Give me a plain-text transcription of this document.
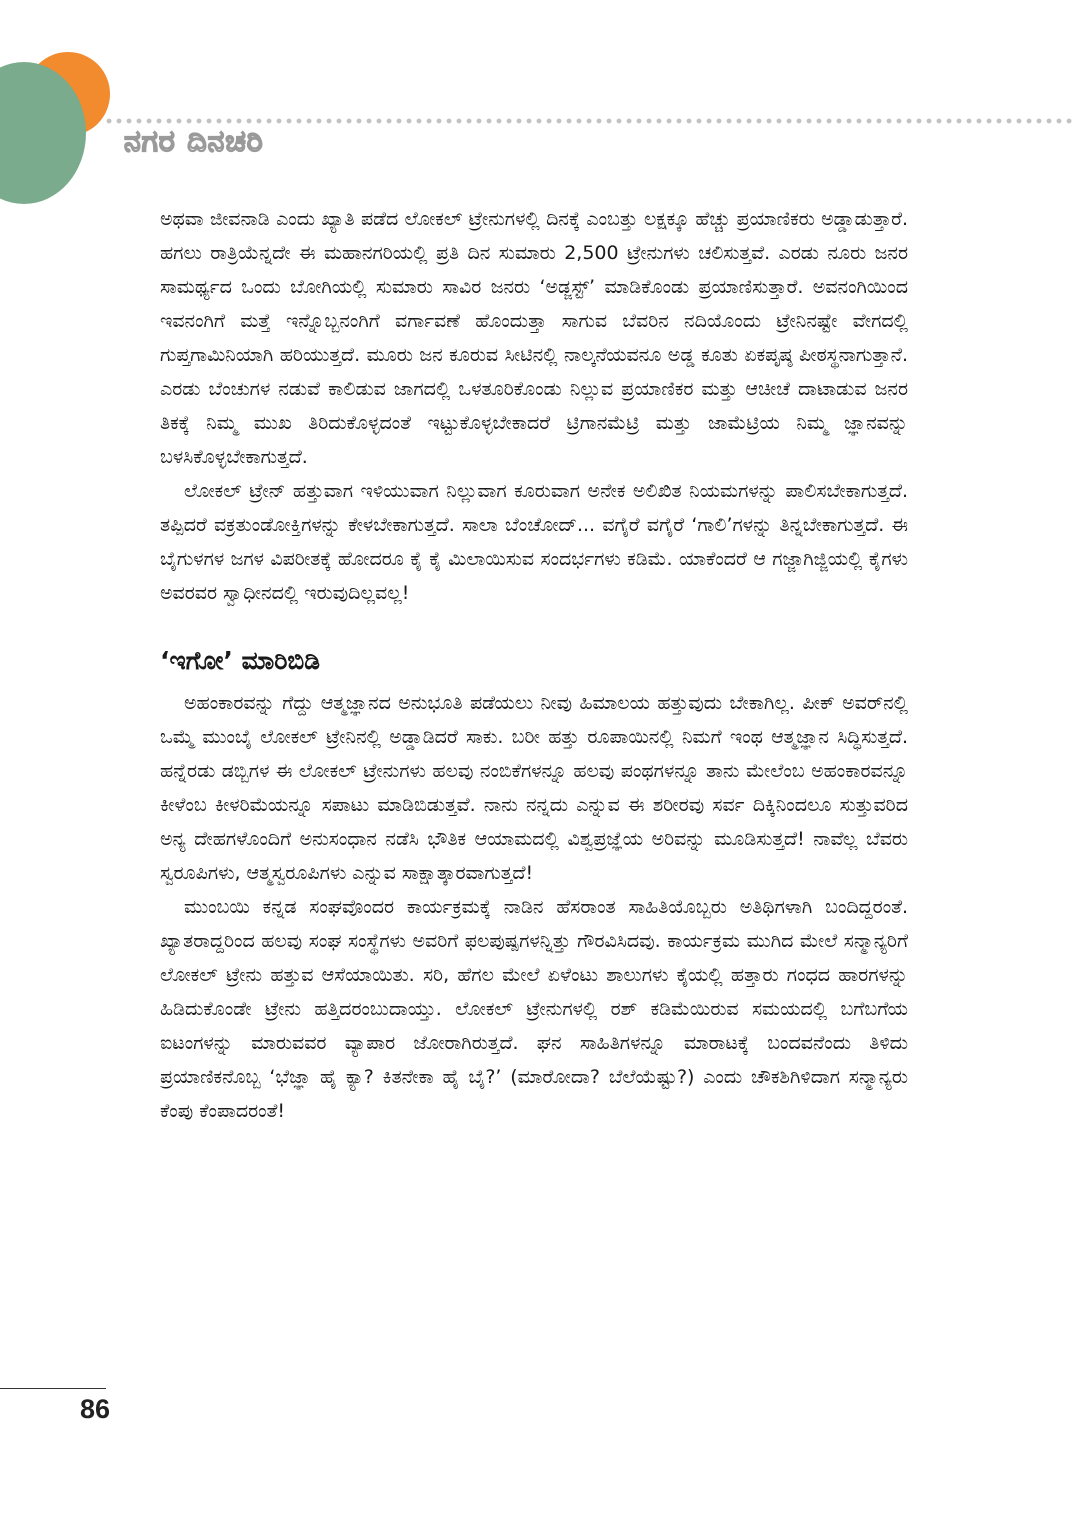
ನಗರ ದಿನಚರಿ

ಅಥವಾ ಜೀವನಾಡಿ ಎಂದು ಖ್ಯಾತಿ ಪಡೆದ ಲೋಕಲ್ ಟ್ರೇನುಗಳಲ್ಲಿ ದಿನಕ್ಕೆ ಎಂಬತ್ತು ಲಕ್ಷಕ್ಕೂ ಹೆಚ್ಚು ಪ್ರಯಾಣಿಕರು ಅಡ್ಡಾಡುತ್ತಾರೆ. ಹಗಲು ರಾತ್ರಿಯೆನ್ನದೇ ಈ ಮಹಾನಗರಿಯಲ್ಲಿ ಪ್ರತಿ ದಿನ ಸುಮಾರು 2,500 ಟ್ರೇನುಗಳು ಚಲಿಸುತ್ತವೆ. ಎರಡು ನೂರು ಜನರ ಸಾಮರ್ಥ್ಯದ ಒಂದು ಬೋಗಿಯಲ್ಲಿ ಸುಮಾರು ಸಾವಿರ ಜನರು ‘ಅಡ್ಜಸ್ಟ್’ ಮಾಡಿಕೊಂಡು ಪ್ರಯಾಣಿಸುತ್ತಾರೆ. ಅವನಂಗಿಯಿಂದ ಇವನಂಗಿಗೆ ಮತ್ತೆ ಇನ್ನೊಬ್ಬನಂಗಿಗೆ ವರ್ಗಾವಣೆ ಹೊಂದುತ್ತಾ ಸಾಗುವ ಬೆವರಿನ ನದಿಯೊಂದು ಟ್ರೇನಿನಷ್ಟೇ ವೇಗದಲ್ಲಿ ಗುಪ್ತಗಾಮಿನಿಯಾಗಿ ಹರಿಯುತ್ತದೆ. ಮೂರು ಜನ ಕೂರುವ ಸೀಟಿನಲ್ಲಿ ನಾಲ್ಕನೆಯವನೂ ಅಡ್ಡ ಕೂತು ಏಕಪೃಷ್ಠ ಪೀಠಸ್ಥನಾಗುತ್ತಾನೆ. ಎರಡು ಬೆಂಚುಗಳ ನಡುವೆ ಕಾಲಿಡುವ ಜಾಗದಲ್ಲಿ ಒಳತೂರಿಕೊಂಡು ನಿಲ್ಲುವ ಪ್ರಯಾಣಿಕರ ಮತ್ತು ಆಚೀಚೆ ದಾಟಾಡುವ ಜನರ ತಿಕಕ್ಕೆ ನಿಮ್ಮ ಮುಖ ತಿರಿದುಕೊಳ್ಳದಂತೆ ಇಟ್ಟುಕೊಳ್ಳಬೇಕಾದರೆ ಟ್ರಿಗಾನಮೆಟ್ರಿ ಮತ್ತು ಜಾಮೆಟ್ರಿಯ ನಿಮ್ಮ ಜ್ಞಾನವನ್ನು ಬಳಸಿಕೊಳ್ಳಬೇಕಾಗುತ್ತದೆ.

ಲೋಕಲ್ ಟ್ರೇನ್ ಹತ್ತುವಾಗ ಇಳಿಯುವಾಗ ನಿಲ್ಲುವಾಗ ಕೂರುವಾಗ ಅನೇಕ ಅಲಿಖಿತ ನಿಯಮಗಳನ್ನು ಪಾಲಿಸಬೇಕಾಗುತ್ತದೆ. ತಪ್ಪಿದರೆ ವಕ್ರತುಂಡೋಕ್ತಿಗಳನ್ನು ಕೇಳಬೇಕಾಗುತ್ತದೆ. ಸಾಲಾ ಬೆಂಚೋದ್... ವಗೈರೆ ವಗೈರೆ ‘ಗಾಲಿ’ಗಳನ್ನು ತಿನ್ನಬೇಕಾಗುತ್ತದೆ. ಈ ಬೈಗುಳಗಳ ಜಗಳ ವಿಪರೀತಕ್ಕೆ ಹೋದರೂ ಕೈ ಕೈ ಮಿಲಾಯಿಸುವ ಸಂದರ್ಭಗಳು ಕಡಿಮೆ. ಯಾಕೆಂದರೆ ಆ ಗಜ್ಜಾಗಿಜ್ಜಿಯಲ್ಲಿ ಕೈಗಳು ಅವರವರ ಸ್ವಾಧೀನದಲ್ಲಿ ಇರುವುದಿಲ್ಲವಲ್ಲ!

‘ಇಗೋ’ ಮಾರಿಬಿಡಿ

ಅಹಂಕಾರವನ್ನು ಗೆದ್ದು ಆತ್ಮಜ್ಞಾನದ ಅನುಭೂತಿ ಪಡೆಯಲು ನೀವು ಹಿಮಾಲಯ ಹತ್ತುವುದು ಬೇಕಾಗಿಲ್ಲ. ಪೀಕ್ ಅವರ್‌ನಲ್ಲಿ ಒಮ್ಮೆ ಮುಂಬೈ ಲೋಕಲ್ ಟ್ರೇನಿನಲ್ಲಿ ಅಡ್ಡಾಡಿದರೆ ಸಾಕು. ಬರೀ ಹತ್ತು ರೂಪಾಯಿನಲ್ಲಿ ನಿಮಗೆ ಇಂಥ ಆತ್ಮಜ್ಞಾನ ಸಿದ್ಧಿಸುತ್ತದೆ. ಹನ್ನೆರಡು ಡಬ್ಬಿಗಳ ಈ ಲೋಕಲ್ ಟ್ರೇನುಗಳು ಹಲವು ನಂಬಿಕೆಗಳನ್ನೂ ಹಲವು ಪಂಥಗಳನ್ನೂ ತಾನು ಮೇಲೆಂಬ ಅಹಂಕಾರವನ್ನೂ ಕೀಳೆಂಬ ಕೀಳರಿಮೆಯನ್ನೂ ಸಪಾಟು ಮಾಡಿಬಿಡುತ್ತವೆ. ನಾನು ನನ್ನದು ಎನ್ನುವ ಈ ಶರೀರವು ಸರ್ವ ದಿಕ್ಕಿನಿಂದಲೂ ಸುತ್ತುವರಿದ ಅನ್ಯ ದೇಹಗಳೊಂದಿಗೆ ಅನುಸಂಧಾನ ನಡೆಸಿ ಭೌತಿಕ ಆಯಾಮದಲ್ಲಿ ವಿಶ್ವಪ್ರಜ್ಞೆಯ ಅರಿವನ್ನು ಮೂಡಿಸುತ್ತದೆ! ನಾವೆಲ್ಲ ಬೆವರು ಸ್ವರೂಪಿಗಳು, ಆತ್ಮಸ್ವರೂಪಿಗಳು ಎನ್ನುವ ಸಾಕ್ಷಾತ್ಕಾರವಾಗುತ್ತದೆ!

ಮುಂಬಯಿ ಕನ್ನಡ ಸಂಘವೊಂದರ ಕಾರ್ಯಕ್ರಮಕ್ಕೆ ನಾಡಿನ ಹೆಸರಾಂತ ಸಾಹಿತಿಯೊಬ್ಬರು ಅತಿಥಿಗಳಾಗಿ ಬಂದಿದ್ದರಂತೆ. ಖ್ಯಾತರಾದ್ದರಿಂದ ಹಲವು ಸಂಘ ಸಂಸ್ಥೆಗಳು ಅವರಿಗೆ ಫಲಪುಷ್ಪಗಳನ್ನಿತ್ತು ಗೌರವಿಸಿದವು. ಕಾರ್ಯಕ್ರಮ ಮುಗಿದ ಮೇಲೆ ಸನ್ಮಾನ್ಯರಿಗೆ ಲೋಕಲ್ ಟ್ರೇನು ಹತ್ತುವ ಆಸೆಯಾಯಿತು. ಸರಿ, ಹೆಗಲ ಮೇಲೆ ಏಳೆಂಟು ಶಾಲುಗಳು ಕೈಯಲ್ಲಿ ಹತ್ತಾರು ಗಂಧದ ಹಾರಗಳನ್ನು ಹಿಡಿದುಕೊಂಡೇ ಟ್ರೇನು ಹತ್ತಿದರಂಬುದಾಯ್ತು. ಲೋಕಲ್ ಟ್ರೇನುಗಳಲ್ಲಿ ರಶ್ ಕಡಿಮೆಯಿರುವ ಸಮಯದಲ್ಲಿ ಬಗೆಬಗೆಯ ಐಟಂಗಳನ್ನು ಮಾರುವವರ ವ್ಯಾಪಾರ ಜೋರಾಗಿರುತ್ತದೆ. ಘನ ಸಾಹಿತಿಗಳನ್ನೂ ಮಾರಾಟಕ್ಕೆ ಬಂದವನೆಂದು ತಿಳಿದು ಪ್ರಯಾಣಿಕನೊಬ್ಬ ‘ಭೆಜ್ಞಾ ಹೈ ಕ್ಯಾ? ಕಿತನೇಕಾ ಹೈ ಬೈ?’ (ಮಾರೋದಾ? ಬೆಲೆಯೆಷ್ಟು?) ಎಂದು ಚೌಕಶಿಗಿಳಿದಾಗ ಸನ್ಮಾನ್ಯರು ಕೆಂಪು ಕೆಂಪಾದರಂತೆ!

86
